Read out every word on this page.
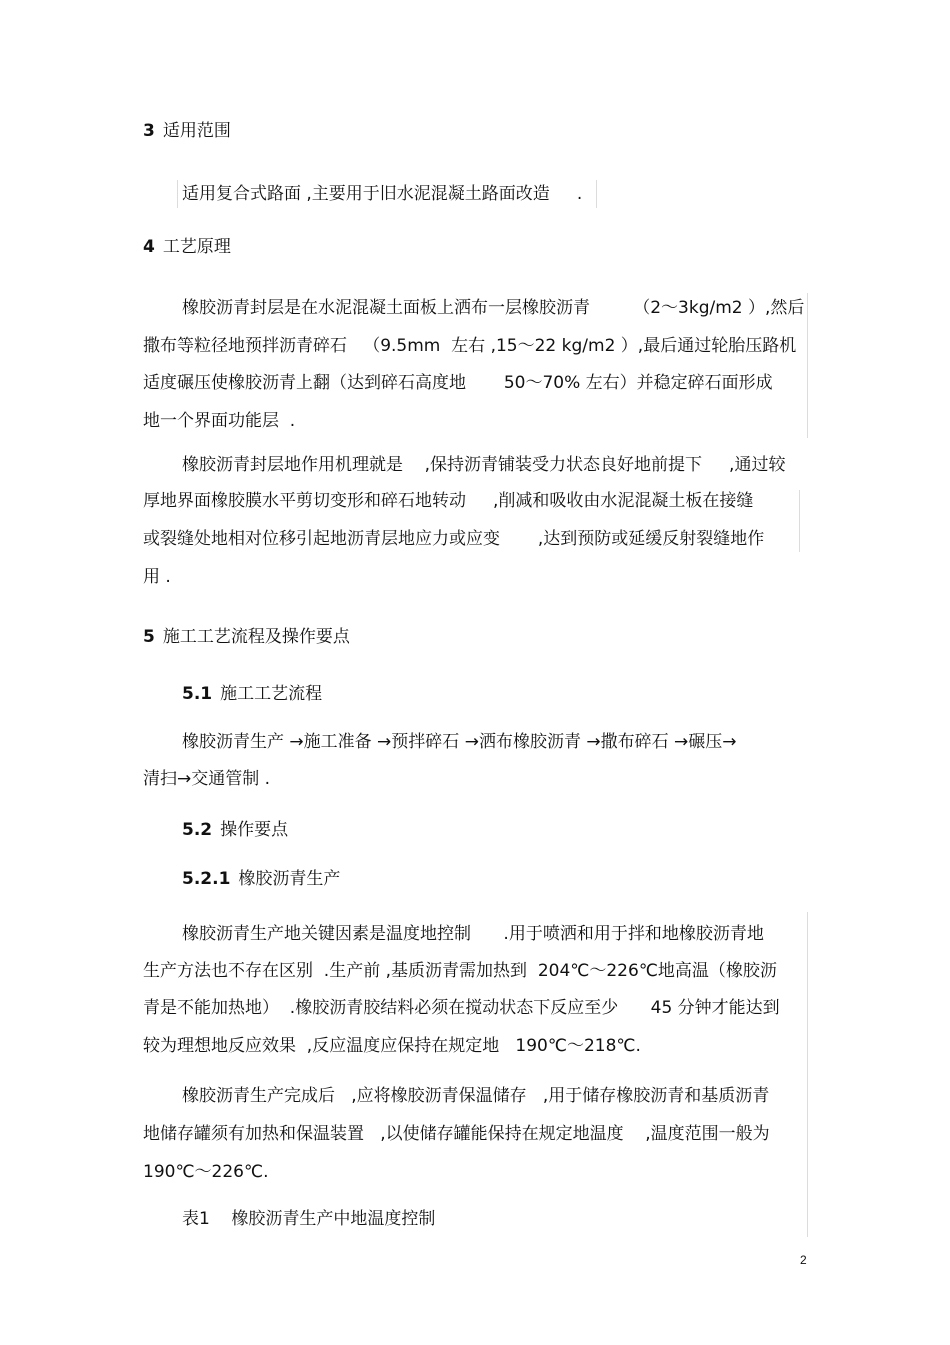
3 适用范围
适用复合式路面 ,主要用于旧水泥混凝土路面改造     .
4 工艺原理
橡胶沥青封层是在水泥混凝土面板上洒布一层橡胶沥青        （2～3kg/m2 ）,然后
撒布等粒径地预拌沥青碎石   （9.5mm  左右 ,15～22 kg/m2 ）,最后通过轮胎压路机
适度碾压使橡胶沥青上翻（达到碎石高度地       50～70% 左右）并稳定碎石面形成
地一个界面功能层  .
橡胶沥青封层地作用机理就是    ,保持沥青铺装受力状态良好地前提下     ,通过较
厚地界面橡胶膜水平剪切变形和碎石地转动     ,削减和吸收由水泥混凝土板在接缝
或裂缝处地相对位移引起地沥青层地应力或应变       ,达到预防或延缓反射裂缝地作
用 .
5 施工工艺流程及操作要点
5.1 施工工艺流程
橡胶沥青生产 →施工准备 →预拌碎石 →洒布橡胶沥青 →撒布碎石 →碾压→
清扫→交通管制 .
5.2 操作要点
5.2.1 橡胶沥青生产
橡胶沥青生产地关键因素是温度地控制      .用于喷洒和用于拌和地橡胶沥青地
生产方法也不存在区别  .生产前 ,基质沥青需加热到  204℃～226℃地高温（橡胶沥
青是不能加热地）  .橡胶沥青胶结料必须在搅动状态下反应至少      45 分钟才能达到
较为理想地反应效果  ,反应温度应保持在规定地   190℃～218℃.
橡胶沥青生产完成后   ,应将橡胶沥青保温储存   ,用于储存橡胶沥青和基质沥青
地储存罐须有加热和保温装置   ,以使储存罐能保持在规定地温度    ,温度范围一般为
190℃～226℃.
表1    橡胶沥青生产中地温度控制
2
